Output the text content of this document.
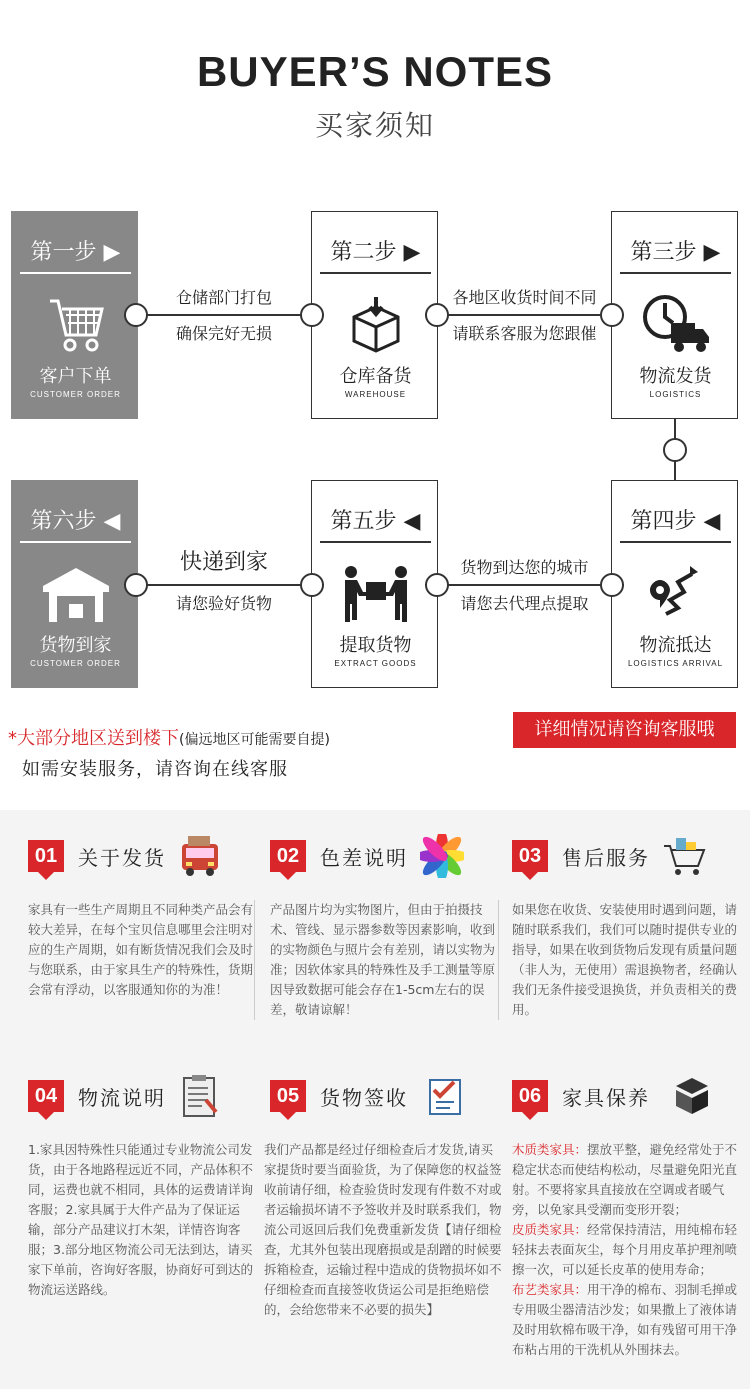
BUYER’S NOTES
买家须知
第一步 ▶
客户下单
CUSTOMER ORDER
第二步 ▶
仓库备货
WAREHOUSE
第三步 ▶
物流发货
LOGISTICS
第四步 ◀
物流抵达
LOGISTICS ARRIVAL
第五步 ◀
提取货物
EXTRACT GOODS
第六步 ◀
货物到家
CUSTOMER ORDER
仓储部门打包
确保完好无损
各地区收货时间不同
请联系客服为您跟催
货物到达您的城市
请您去代理点提取
快递到家
请您验好货物
*大部分地区送到楼下(偏远地区可能需要自提)
如需安装服务，请咨询在线客服
详细情况请咨询客服哦
01	关于发货
家具有一些生产周期且不同种类产品会有较大差异，在每个宝贝信息哪里会注明对应的生产周期，如有断货情况我们会及时与您联系，由于家具生产的特殊性，货期会常有浮动，以客服通知你的为准！
02	色差说明
产品图片均为实物图片，但由于拍摄技术、管线、显示器参数等因素影响，收到的实物颜色与照片会有差别，请以实物为准；因软体家具的特殊性及手工测量等原因导致数据可能会存在1-5cm左右的误差，敬请谅解！
03	售后服务
如果您在收货、安装使用时遇到问题，请随时联系我们，我们可以随时提供专业的指导，如果在收到货物后发现有质量问题（非人为，无使用）需退换物者，经确认我们无条件接受退换货，并负责相关的费用。
04	物流说明
1.家具因特殊性只能通过专业物流公司发货，由于各地路程远近不同，产品体积不同，运费也就不相同，具体的运费请详询客服；2.家具属于大件产品为了保证运输，部分产品建议打木架，详情咨询客服；3.部分地区物流公司无法到达，请买家下单前，咨询好客服，协商好可到达的物流运送路线。
05	货物签收
我们产品都是经过仔细检查后才发货,请买家提货时要当面验货，为了保障您的权益签收前请仔细，检查验货时发现有件数不对或者运输损坏请不予签收并及时联系我们，物流公司返回后我们免费重新发货【请仔细检查，尤其外包装出现磨损或是刮蹭的时候要拆箱检查，运输过程中造成的货物损坏如不仔细检查而直接签收货运公司是拒绝赔偿的，会给您带来不必要的损失】
06	家具保养
木质类家具：摆放平整，避免经常处于不稳定状态而使结构松动，尽量避免阳光直射。不要将家具直接放在空调或者暖气旁，以免家具受潮而变形开裂；
皮质类家具：经常保持清洁，用纯棉布轻轻抹去表面灰尘，每个月用皮革护理剂喷擦一次，可以延长皮革的使用寿命；
布艺类家具：用干净的棉布、羽制毛掸或专用吸尘器清洁沙发；如果撒上了液体请及时用软棉布吸干净，如有残留可用干净布粘占用的干洗机从外围抹去。
